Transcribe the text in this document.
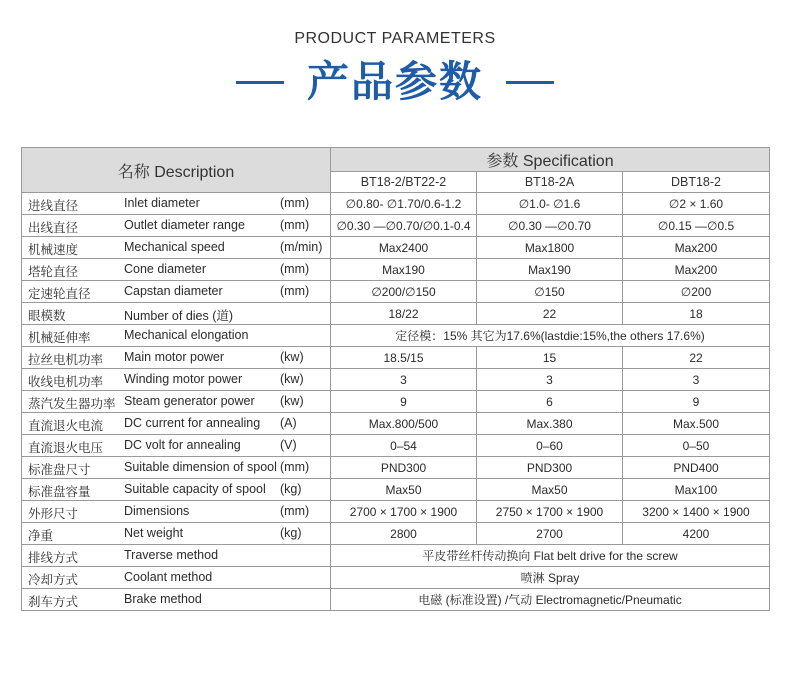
PRODUCT PARAMETERS
产品参数
名称 Description	参数 Specification		
	BT18-2/BT22-2	BT18-2A	DBT18-2

进线直径 Inlet diameter (mm)	∅0.80- ∅1.70/0.6-1.2	∅1.0- ∅1.6	∅2 × 1.60

出线直径 Outlet diameter range (mm)	∅0.30 —∅0.70/∅0.1-0.4	∅0.30 —∅0.70	∅0.15 —∅0.5

机械速度 Mechanical speed (m/min)	Max2400	Max1800	Max200

塔轮直径 Cone diameter (mm)	Max190	Max190	Max200

定速轮直径 Capstan diameter (mm)	∅200/∅150	∅150	∅200

眼模数 Number of dies (道)	18/22	22	18

机械延伸率 Mechanical elongation	定径模：15% 其它为17.6%(lastdie:15%,the others 17.6%)		

拉丝电机功率 Main motor power (kw)	18.5/15	15	22

收线电机功率 Winding motor power (kw)	3	3	3

蒸汽发生器功率 Steam generator power (kw)	9	6	9

直流退火电流 DC current for annealing (A)	Max.800/500	Max.380	Max.500

直流退火电压 DC volt for annealing (V)	0–54	0–60	0–50

标准盘尺寸 Suitable dimension of spool (mm)	PND300	PND300	PND400

标准盘容量 Suitable capacity of spool (kg)	Max50	Max50	Max100

外形尺寸 Dimensions (mm)	2700 × 1700 × 1900	2750 × 1700 × 1900	3200 × 1400 × 1900

净重 Net weight (kg)	2800	2700	4200

排线方式 Traverse method	平皮带丝杆传动换向 Flat belt drive for the screw		

冷却方式 Coolant method	喷淋 Spray		

刹车方式 Brake method	电磁 (标准设置) /气动 Electromagnetic/Pneumatic		
